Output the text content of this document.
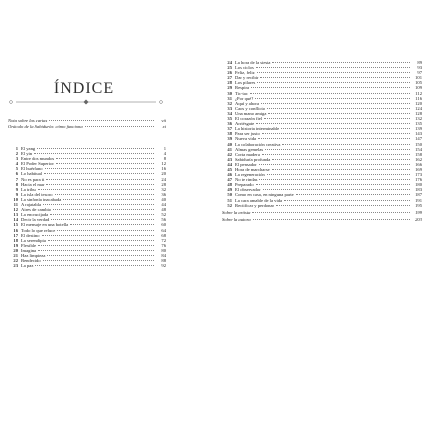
ÍNDICE
Nota sobre las cartas	vii
Oráculo de la Sabiduría: cómo funciona	xi
1 El yang	1
2 El yin	4
3 Entre dos mundos	8
4 El Poder Superior	12
5 El huérfano	16
6 Lo habitual	20
7 No es para ti	24
8 Hacia el mar	28
9 La tribu	32
9 La isla del tesoro	36
10 La sinfonía inacabada	40
11 A rajatabla	44
12 Aires de cambio	48
13 La encrucijada	52
14 Decir la verdad	56
15 El mensaje en una botella	60
16 Todo lo que reluce	64
17 El destino	68
18 La serendipia	72
19 Flexible	76
20 Imagina	80
21 Haz limpieza	84
22 Bendecido	88
23 La paz	92
24 La hora de la siesta	89
25 Los ciclos	93
26 Feliz, feliz	97
27 Dar y recibir	101
28 Los pilares	105
29 Respira	109
30 Tic-tac	112
31 ¿Por qué?	116
32 Aquí y ahora	120
33 Caos y conflicto	124
34 Una mano amiga	128
35 El corazón fiel	132
36 Arriésgate	135
37 La historia interminable	139
38 Para ser justo	143
39 Nueva vida	147
40 La colaboración creativa	150
41 Almas gemelas	154
42 Corta madera	158
43 Sabiduría profunda	162
44 El pensador	166
45 Hora de marcharse	169
46 La regeneración	173
47 No te rindas	176
48 Preparado	180
49 El observador	183
50 Como en casa, en ninguna parte	187
51 La cara amable de la vida	191
52 Rectificar y perdonar	195
Sobre la artista	199
Sobre la autora	203
